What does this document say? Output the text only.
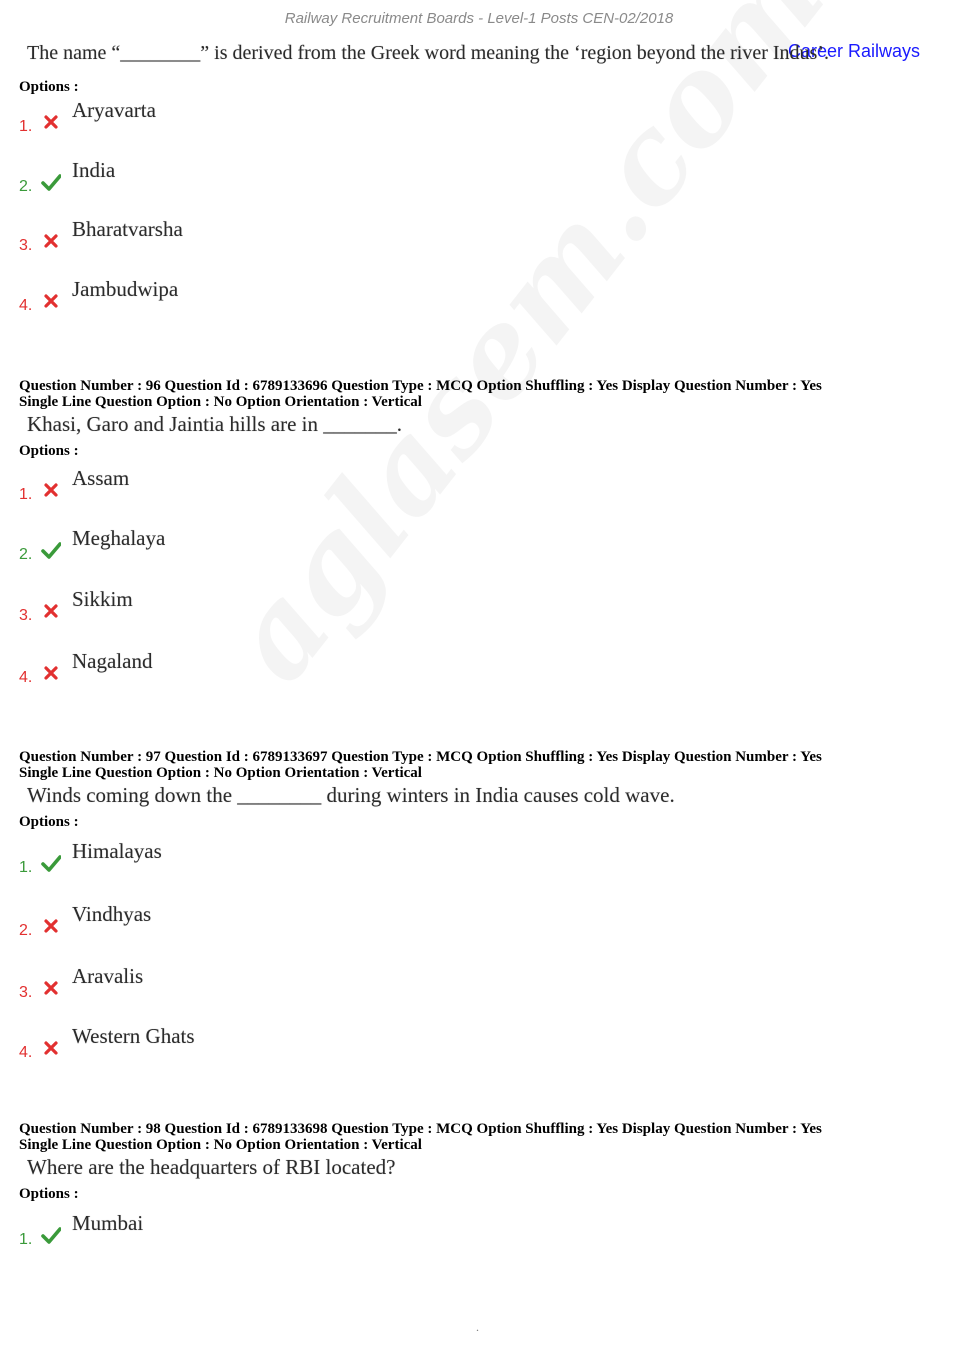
Railway Recruitment Boards - Level-1 Posts CEN-02/2018
Career Railways
The name “________” is derived from the Greek word meaning the ‘region beyond the river Indus’.
Options :
1.
Aryavarta
2.
India
3.
Bharatvarsha
4.
Jambudwipa
Question Number : 96 Question Id : 6789133696 Question Type : MCQ Option Shuffling : Yes Display Question Number : Yes
Single Line Question Option : No Option Orientation : Vertical
Khasi, Garo and Jaintia hills are in _______.
Options :
1.
Assam
2.
Meghalaya
3.
Sikkim
4.
Nagaland
Question Number : 97 Question Id : 6789133697 Question Type : MCQ Option Shuffling : Yes Display Question Number : Yes
Single Line Question Option : No Option Orientation : Vertical
Winds coming down the ________ during winters in India causes cold wave.
Options :
1.
Himalayas
2.
Vindhyas
3.
Aravalis
4.
Western Ghats
Question Number : 98 Question Id : 6789133698 Question Type : MCQ Option Shuffling : Yes Display Question Number : Yes
Single Line Question Option : No Option Orientation : Vertical
Where are the headquarters of RBI located?
Options :
1.
Mumbai
.
